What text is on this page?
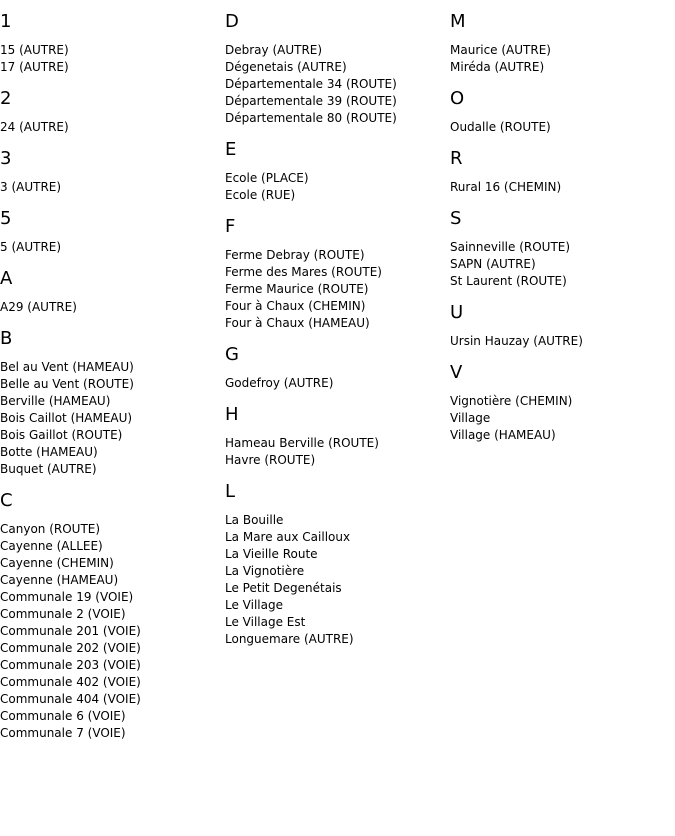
1
15 (AUTRE)
17 (AUTRE)
2
24 (AUTRE)
3
3 (AUTRE)
5
5 (AUTRE)
A
A29 (AUTRE)
B
Bel au Vent (HAMEAU)
Belle au Vent (ROUTE)
Berville (HAMEAU)
Bois Caillot (HAMEAU)
Bois Gaillot (ROUTE)
Botte (HAMEAU)
Buquet (AUTRE)
C
Canyon (ROUTE)
Cayenne (ALLEE)
Cayenne (CHEMIN)
Cayenne (HAMEAU)
Communale 19 (VOIE)
Communale 2 (VOIE)
Communale 201 (VOIE)
Communale 202 (VOIE)
Communale 203 (VOIE)
Communale 402 (VOIE)
Communale 404 (VOIE)
Communale 6 (VOIE)
Communale 7 (VOIE)
D
Debray (AUTRE)
Dégenetais (AUTRE)
Départementale 34 (ROUTE)
Départementale 39 (ROUTE)
Départementale 80 (ROUTE)
E
Ecole (PLACE)
Ecole (RUE)
F
Ferme Debray (ROUTE)
Ferme des Mares (ROUTE)
Ferme Maurice (ROUTE)
Four à Chaux (CHEMIN)
Four à Chaux (HAMEAU)
G
Godefroy (AUTRE)
H
Hameau Berville (ROUTE)
Havre (ROUTE)
L
La Bouille
La Mare aux Cailloux
La Vieille Route
La Vignotière
Le Petit Degenétais
Le Village
Le Village Est
Longuemare (AUTRE)
M
Maurice (AUTRE)
Miréda (AUTRE)
O
Oudalle (ROUTE)
R
Rural 16 (CHEMIN)
S
Sainneville (ROUTE)
SAPN (AUTRE)
St Laurent (ROUTE)
U
Ursin Hauzay (AUTRE)
V
Vignotière (CHEMIN)
Village
Village (HAMEAU)
